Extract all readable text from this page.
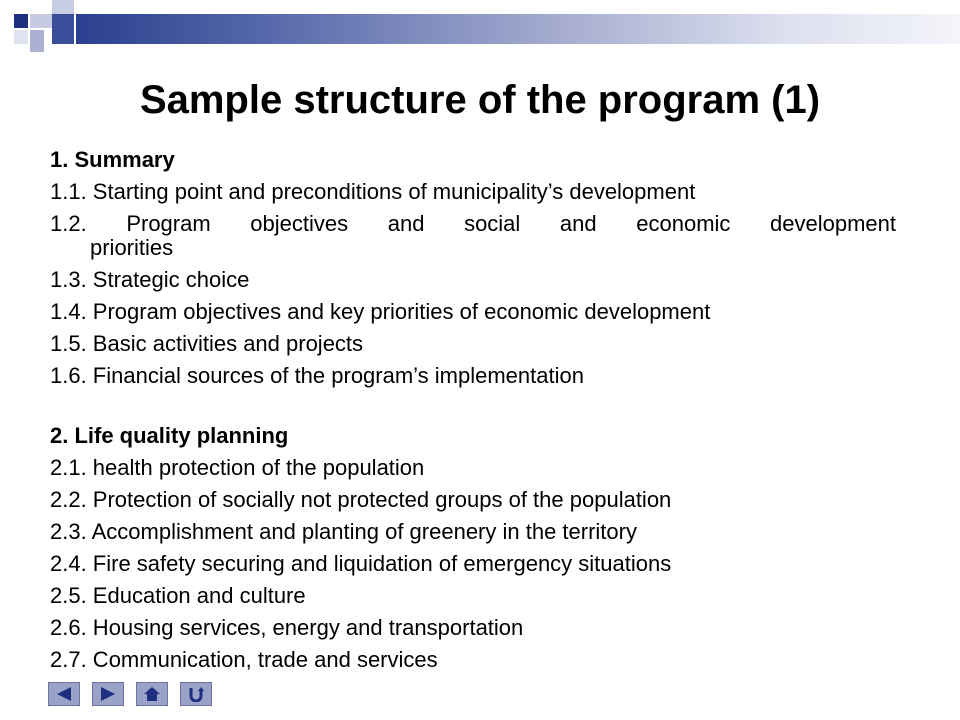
Sample structure of the program (1)
1. Summary
1.1. Starting point and preconditions of municipality’s development
1.2. Program objectives and social and economic development
priorities
1.3. Strategic choice
1.4. Program objectives and key priorities of economic development
1.5. Basic activities and projects
1.6. Financial sources of the program’s implementation
2. Life quality planning
2.1. health protection of the population
2.2. Protection of socially not protected groups of the population
2.3. Accomplishment and planting of greenery in the territory
2.4. Fire safety securing and liquidation of emergency situations
2.5. Education and culture
2.6. Housing services, energy and transportation
2.7. Communication, trade and services
